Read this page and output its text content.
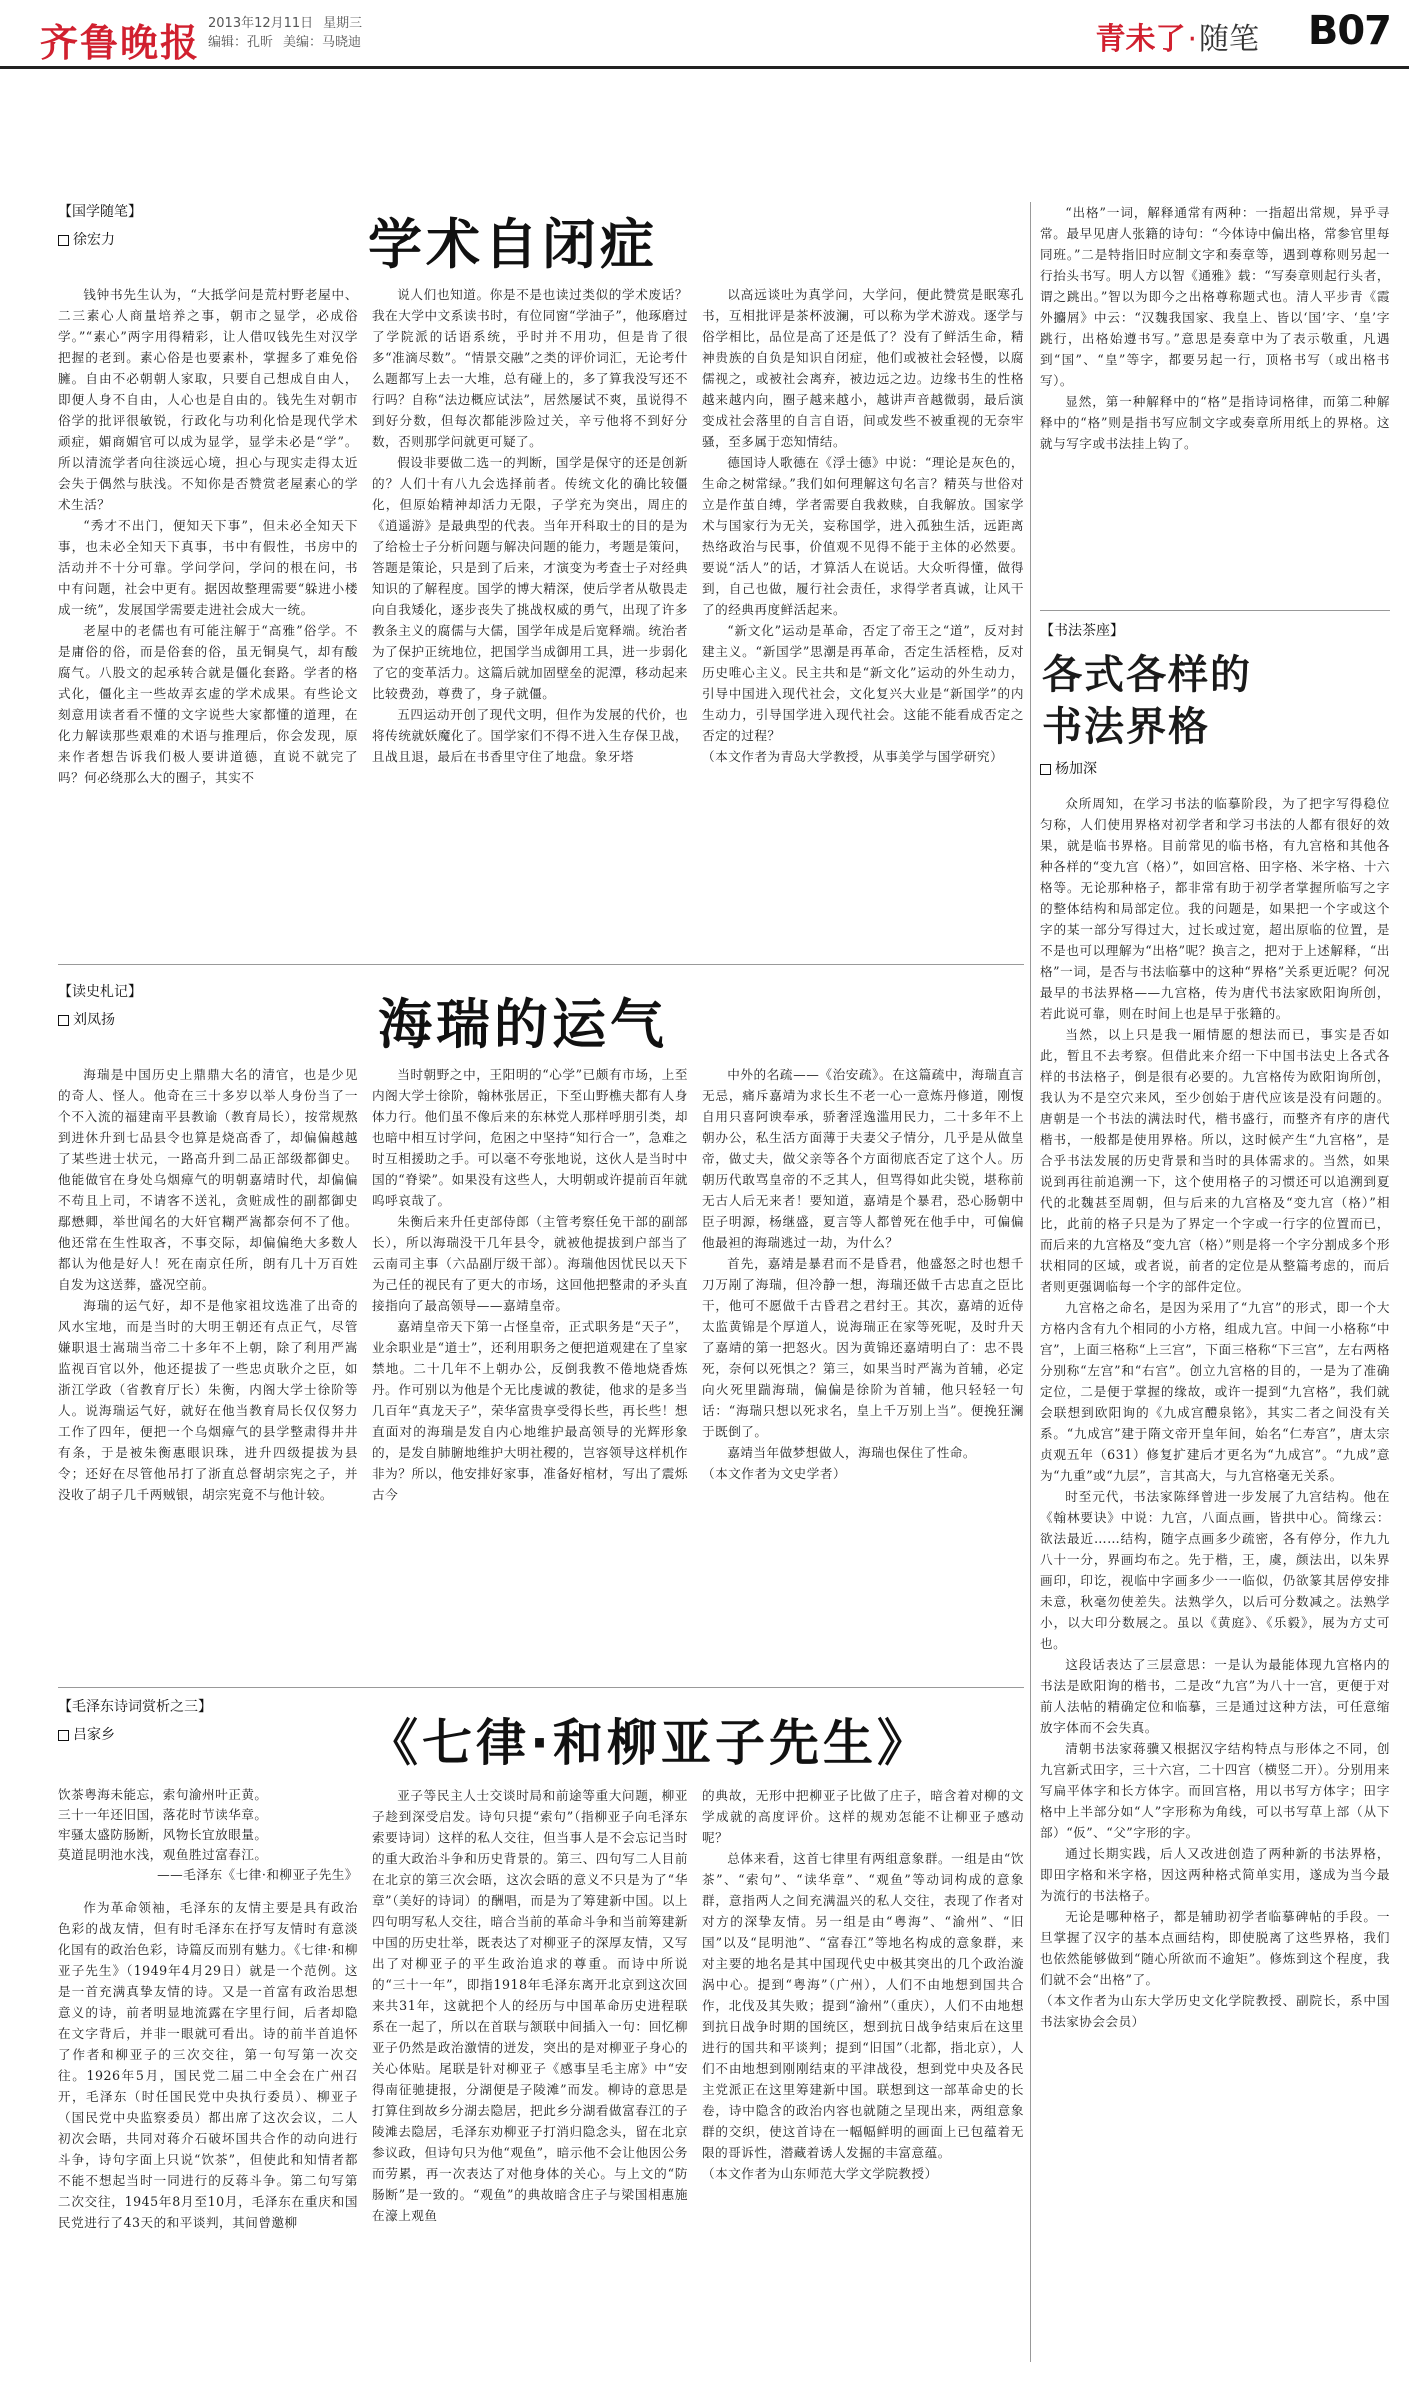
齐鲁晚报 2013年12月11日 星期三
编辑：孔昕 美编：马晓迪	青未了·随笔 B07
【国学随笔】
徐宏力	学术自闭症

钱钟书先生认为，“大抵学问是荒村野老屋中、二三素心人商量培养之事，朝市之显学，必成俗学。”“素心”两字用得精彩，让人借叹钱先生对汉学把握的老到。素心俗是也要素朴，掌握多了难免俗臃。自由不必朝朝人家取，只要自己想成自由人，即便人身不自由，人心也是自由的。钱先生对朝市俗学的批评很敏锐，行政化与功利化恰是现代学术顽症，媚商媚官可以成为显学，显学未必是“学”。所以清流学者向往淡远心境，担心与现实走得太近会失于偶然与肤浅。不知你是否赞赏老屋素心的学术生活？

“秀才不出门，便知天下事”，但未必全知天下事，也未必全知天下真事，书中有假性，书房中的活动并不十分可靠。学问学问，学问的根在问，书中有问题，社会中更有。据因故整理需要“躲进小楼成一统”，发展国学需要走进社会成大一统。

老屋中的老儒也有可能注解于“高雅”俗学。不是庸俗的俗，而是俗套的俗，虽无铜臭气，却有酸腐气。八股文的起承转合就是僵化套路。学者的格式化，僵化主一些故弄玄虚的学术成果。有些论文刻意用读者看不懂的文字说些大家都懂的道理，在化力解读那些艰难的术语与推理后，你会发现，原来作者想告诉我们极人要讲道德，直说不就完了吗？何必绕那么大的圈子，其实不

说人们也知道。你是不是也读过类似的学术废话？我在大学中文系读书时，有位同窗“学油子”，他琢磨过了学院派的话语系统，乎时并不用功，但是肯了很多“准滴尽数”。“情景交融”之类的评价词汇，无论考什么题都写上去一大堆，总有碰上的，多了算我没写还不行吗？自称“法边概应试法”，居然屡试不爽，虽说得不到好分数，但每次都能涉险过关，辛亏他将不到好分数，否则那学问就更可疑了。

假设非要做二选一的判断，国学是保守的还是创新的？人们十有八九会选择前者。传统文化的确比较僵化，但原始精神却活力无限，子学充为突出，周庄的《逍遥游》是最典型的代表。当年开科取士的目的是为了给检士子分析问题与解决问题的能力，考题是策问，答题是策论，只是到了后来，才演变为考查士子对经典知识的了解程度。国学的博大精深，使后学者从敬畏走向自我矮化，逐步丧失了挑战权威的勇气，出现了许多教条主义的腐儒与大儒，国学年成是后宽释端。统治者为了保护正统地位，把国学当成御用工具，进一步弱化了它的变革活力。这篇后就加固壁垒的泥潭，移动起来比较费劲，尊费了，身子就僵。

五四运动开创了现代文明，但作为发展的代价，也将传统就妖魔化了。国学家们不得不进入生存保卫战，且战且退，最后在书香里守住了地盘。象牙塔

以高远谈吐为真学问，大学问，便此赞赏是眠寒孔书，互相批评是茶杯波澜，可以称为学术游戏。逐学与俗学相比，品位是高了还是低了？没有了鲜活生命，精神贵族的自负是知识自闭症，他们或被社会轻慢，以腐儒视之，或被社会离弃，被边远之边。边缘书生的性格越来越内向，圈子越来越小，越讲声音越微弱，最后演变成社会落里的自言自语，间或发些不被重视的无奈牢骚，至多属于恋知情结。

德国诗人歌德在《浮士德》中说：“理论是灰色的，生命之树常绿。”我们如何理解这句名言？精英与世俗对立是作茧自缚，学者需要自我救赎，自我解放。国家学术与国家行为无关，妄称国学，进入孤独生活，远距离热络政治与民事，价值观不见得不能于主体的必然要。要说“活人”的话，才算活人在说话。大众听得懂，做得到，自己也做，履行社会责任，求得学者真诚，让风干了的经典再度鲜活起来。

“新文化”运动是革命，否定了帝王之“道”，反对封建主义。“新国学”思潮是再革命，否定生活桎梏，反对历史唯心主义。民主共和是“新文化”运动的外生动力，引导中国进入现代社会，文化复兴大业是“新国学”的内生动力，引导国学进入现代社会。这能不能看成否定之否定的过程？

（本文作者为青岛大学教授，从事美学与国学研究）

【读史札记】
刘凤扬	海瑞的运气

海瑞是中国历史上鼎鼎大名的清官，也是少见的奇人、怪人。他奇在三十多岁以举人身份当了一个不入流的福建南平县教谕（教育局长），按常规熬到进休升到七品县令也算是烧高香了，却偏偏越越了某些进士状元，一路高升到二品正部级都御史。他能做官在身处乌烟瘴气的明朝嘉靖时代，却偏偏不苟且上司，不请客不送礼，贪赃成性的副都御史鄢懋卿，举世闻名的大奸官糊严嵩都奈何不了他。他还常在生性取吝，不事交际，却偏偏绝大多数人都认为他是好人！死在南京任所，朗有几十万百姓自发为这送葬，盛况空前。

海瑞的运气好，却不是他家祖坟选准了出奇的风水宝地，而是当时的大明王朝还有点正气，尽管嫌职退士嵩瑞当帝二十多年不上朝，除了利用严嵩监视百官以外，他还提拔了一些忠贞耿介之臣，如浙江学政（省教育厅长）朱衡，内阁大学士徐阶等人。说海瑞运气好，就好在他当教育局长仅仅努力工作了四年，便把一个乌烟瘴气的县学整肃得井井有条，于是被朱衡惠眼识珠，进升四级提拔为县令；还好在尽管他吊打了浙直总督胡宗宪之子，并没收了胡子几千两贼银，胡宗宪竟不与他计较。

当时朝野之中，王阳明的“心学”已颇有市场，上至内阁大学士徐阶，翰林张居正，下至山野樵夫都有人身体力行。他们虽不像后来的东林党人那样呼朋引类，却也暗中相互讨学问，危困之中坚持“知行合一”，急难之时互相援助之手。可以毫不夸张地说，这伙人是当时中国的“脊梁”。如果没有这些人，大明朝或许提前百年就呜呼哀哉了。

朱衡后来升任吏部侍郎（主管考察任免干部的副部长），所以海瑞没干几年县令，就被他提拔到户部当了云南司主事（六品副厅级干部）。海瑞他因忧民以天下为己任的视民有了更大的市场，这回他把整肃的矛头直接指向了最高领导——嘉靖皇帝。

嘉靖皇帝天下第一占怪皇帝，正式职务是“天子”，业余职业是“道士”，还利用职务之便把道观建在了皇家禁地。二十几年不上朝办公，反倒我教不倦地烧香炼丹。作可别以为他是个无比虔诚的教徒，他求的是多当几百年“真龙天子”，荣华富贵享受得长些，再长些！想直面对的海瑞是发自内心地维护最高领导的光辉形象的，是发自肺腑地维护大明社稷的，岂容领导这样机作非为？所以，他安排好家事，准备好棺材，写出了震烁古今

中外的名疏——《治安疏》。在这篇疏中，海瑞直言无忌，痛斥嘉靖为求长生不老一心一意炼丹修道，刚愎自用只喜阿谀奉承，骄奢淫逸滥用民力，二十多年不上朝办公，私生活方面薄于夫妻父子情分，几乎是从做皇帝，做丈夫，做父亲等各个方面彻底否定了这个人。历朝历代敢骂皇帝的不乏其人，但骂得如此尖锐，堪称前无古人后无来者！要知道，嘉靖是个暴君，恐心肠朝中臣子明源，杨继盛，夏言等人都曾死在他手中，可偏偏他最袒的海瑞逃过一劫，为什么？

首先，嘉靖是暴君而不是昏君，他盛怒之时也想千刀万剐了海瑞，但冷静一想，海瑞还做千古忠直之臣比干，他可不愿做千古昏君之君纣王。其次，嘉靖的近侍太监黄锦是个厚道人，说海瑞正在家等死呢，及时升天了嘉靖的第一把怒火。因为黄锦还嘉靖明白了：忠不畏死，奈何以死惧之？第三，如果当时严嵩为首辅，必定向火死里踹海瑞，偏偏是徐阶为首辅，他只轻轻一句话：“海瑞只想以死求名，皇上千万别上当”。便挽狂澜于既倒了。

嘉靖当年做梦想做人，海瑞也保住了性命。

（本文作者为文史学者）

【毛泽东诗词赏析之三】
吕家乡	《七律·和柳亚子先生》

饮茶粤海未能忘，索句渝州叶正黄。

三十一年还旧国，落花时节读华章。

牢骚太盛防肠断，风物长宜放眼量。

莫道昆明池水浅，观鱼胜过富春江。

——毛泽东《七律·和柳亚子先生》

作为革命领袖，毛泽东的友情主要是具有政治色彩的战友情，但有时毛泽东在抒写友情时有意淡化国有的政治色彩，诗篇反而别有魅力。《七律·和柳亚子先生》（1949年4月29日）就是一个范例。这是一首充满真挚友情的诗。又是一首富有政治思想意义的诗，前者明显地流露在字里行间，后者却隐在文字背后，并非一眼就可看出。诗的前半首追怀了作者和柳亚子的三次交往，第一句写第一次交往。1926年5月，国民党二届二中全会在广州召开，毛泽东（时任国民党中央执行委员）、柳亚子（国民党中央监察委员）都出席了这次会议，二人初次会晤，共同对蒋介石破坏国共合作的动向进行斗争，诗句字面上只说“饮茶”，但使此和知情者都不能不想起当时一同进行的反蒋斗争。第二句写第二次交往，1945年8月至10月，毛泽东在重庆和国民党进行了43天的和平谈判，其间曾邀柳

亚子等民主人士交谈时局和前途等重大问题，柳亚子趁到深受启发。诗句只提“索句”（指柳亚子向毛泽东索要诗词）这样的私人交往，但当事人是不会忘记当时的重大政治斗争和历史背景的。第三、四句写二人目前在北京的第三次会晤，这次会晤的意义不只是为了“华章”（美好的诗词）的酬唱，而是为了筹建新中国。以上四句明写私人交往，暗合当前的革命斗争和当前筹建新中国的历史壮举，既表达了对柳亚子的深厚友情，又写出了对柳亚子的平生政治追求的尊重。而诗中所说的“三十一年”，即指1918年毛泽东离开北京到这次回来共31年，这就把个人的经历与中国革命历史进程联系在一起了，所以在首联与颔联中间插入一句：回忆柳亚子仍然是政治激情的迸发，突出的是对柳亚子身心的关心体贴。尾联是针对柳亚子《感事呈毛主席》中“安得南征驰捷报，分湖便是子陵滩”而发。柳诗的意思是打算住到故乡分湖去隐居，把此乡分湖看做富春江的子陵滩去隐居，毛泽东劝柳亚子打消归隐念头，留在北京参议政，但诗句只为他“观鱼”，暗示他不会让他因公务而劳累，再一次表达了对他身体的关心。与上文的“防肠断”是一致的。“观鱼”的典故暗含庄子与梁国相惠施在濠上观鱼

的典故，无形中把柳亚子比做了庄子，暗含着对柳的文学成就的高度评价。这样的规劝怎能不让柳亚子感动呢？

总体来看，这首七律里有两组意象群。一组是由“饮茶”、“索句”、“读华章”、“观鱼”等动词构成的意象群，意指两人之间充满温兴的私人交往，表现了作者对对方的深挚友情。另一组是由“粤海”、“渝州”、“旧国”以及“昆明池”、“富春江”等地名构成的意象群，来对主要的地名是其中国现代史中极其突出的几个政治漩涡中心。提到“粤海”（广州），人们不由地想到国共合作，北伐及其失败；提到“渝州”（重庆），人们不由地想到抗日战争时期的国统区，想到抗日战争结束后在这里进行的国共和平谈判；提到“旧国”（北都，指北京），人们不由地想到刚刚结束的平津战役，想到党中央及各民主党派正在这里筹建新中国。联想到这一部革命史的长卷，诗中隐含的政治内容也就随之呈现出来，两组意象群的交织，使这首诗在一幅幅鲜明的画面上已包蕴着无限的哥诉性，潜藏着诱人发掘的丰富意蕴。

（本文作者为山东师范大学文学院教授）

“出格”一词，解释通常有两种：一指超出常规，异乎寻常。最早见唐人张籍的诗句：“今体诗中偏出格，常参官里每同班。”二是特指旧时应制文字和奏章等，遇到尊称则另起一行抬头书写。明人方以智《通雅》载：“写奏章则起行头者，谓之跳出。”智以为即今之出格尊称题式也。清人平步青《霞外攟屑》中云：“汉魏我国家、我皇上、皆以‘国’字、‘皇’字跳行，出格始遵书写。”意思是奏章中为了表示敬重，凡遇到“国”、“皇”等字，都要另起一行，顶格书写（或出格书写）。

显然，第一种解释中的“格”是指诗词格律，而第二种解释中的“格”则是指书写应制文字或奏章所用纸上的界格。这就与写字或书法挂上钩了。

【书法茶座】
各式各样的书法界格
杨加深

众所周知，在学习书法的临摹阶段，为了把字写得稳位匀称，人们使用界格对初学者和学习书法的人都有很好的效果，就是临书界格。目前常见的临书格，有九宫格和其他各种各样的“变九宫（格）”，如回宫格、田字格、米字格、十六格等。无论那种格子，都非常有助于初学者掌握所临写之字的整体结构和局部定位。我的问题是，如果把一个字或这个字的某一部分写得过大，过长或过宽，超出原临的位置，是不是也可以理解为“出格”呢？换言之，把对于上述解释，“出格”一词，是否与书法临摹中的这种“界格”关系更近呢？何况最早的书法界格——九宫格，传为唐代书法家欧阳询所创，若此说可靠，则在时间上也是早于张籍的。

当然，以上只是我一厢情愿的想法而已，事实是否如此，暂且不去考察。但借此来介绍一下中国书法史上各式各样的书法格子，倒是很有必要的。九宫格传为欧阳询所创，我认为不是空穴来风，至少创始于唐代应该是没有问题的。唐朝是一个书法的满法时代，楷书盛行，而整齐有序的唐代楷书，一般都是使用界格。所以，这时候产生“九宫格”，是合乎书法发展的历史背景和当时的具体需求的。当然，如果说到再往前追溯一下，这个使用格子的习惯还可以追溯到夏代的北魏甚至周朝，但与后来的九宫格及“变九宫（格）”相比，此前的格子只是为了界定一个字或一行字的位置而已，而后来的九宫格及“变九宫（格）”则是将一个字分割成多个形状相同的区域，或者说，前者的定位是从整篇考虑的，而后者则更强调临每一个字的部件定位。

九宫格之命名，是因为采用了“九宫”的形式，即一个大方格内含有九个相同的小方格，组成九宫。中间一小格称“中宫”，上面三格称“上三宫”，下面三格称“下三宫”，左右两格分别称“左宫”和“右宫”。创立九宫格的目的，一是为了准确定位，二是便于掌握的缘故，或许一提到“九宫格”，我们就会联想到欧阳询的《九成宫醴泉铭》，其实二者之间没有关系。“九成宫”建于隋文帝开皇年间，始名“仁寿宫”，唐太宗贞观五年（631）修复扩建后才更名为“九成宫”。“九成”意为“九重”或“九层”，言其高大，与九宫格毫无关系。

时至元代，书法家陈绎曾进一步发展了九宫结构。他在《翰林要诀》中说：九宫，八面点画，皆拱中心。简缘云：欲法最近……结构，随字点画多少疏密，各有停分，作九九八十一分，界画均布之。先于楷，王，虞，颜法出，以朱界画印，印讫，视临中字画多少一一临似，仍欲篆其居停安排未意，秋毫勿使差失。法熟学久，以后可分数减之。法熟学小，以大印分数展之。虽以《黄庭》、《乐毅》，展为方丈可也。

这段话表达了三层意思：一是认为最能体现九宫格内的书法是欧阳询的楷书，二是改“九宫”为八十一宫，更便于对前人法帖的精确定位和临摹，三是通过这种方法，可任意缩放字体而不会失真。

清朝书法家蒋骥又根据汉字结构特点与形体之不同，创九宫新式田字，三十六宫，二十四宫（横竖二开）。分别用来写扁平体字和长方体字。而回宫格，用以书写方体字；田字格中上半部分如“人”字形称为角线，可以书写草上部（从下部）“仮”、“父”字形的字。

通过长期实践，后人又改进创造了两种新的书法界格，即田字格和米字格，因这两种格式简单实用，遂成为当今最为流行的书法格子。

无论是哪种格子，都是辅助初学者临摹碑帖的手段。一旦掌握了汉字的基本点画结构，即使脱离了这些界格，我们也依然能够做到“随心所欲而不逾矩”。修炼到这个程度，我们就不会“出格”了。

（本文作者为山东大学历史文化学院教授、副院长，系中国书法家协会会员）
